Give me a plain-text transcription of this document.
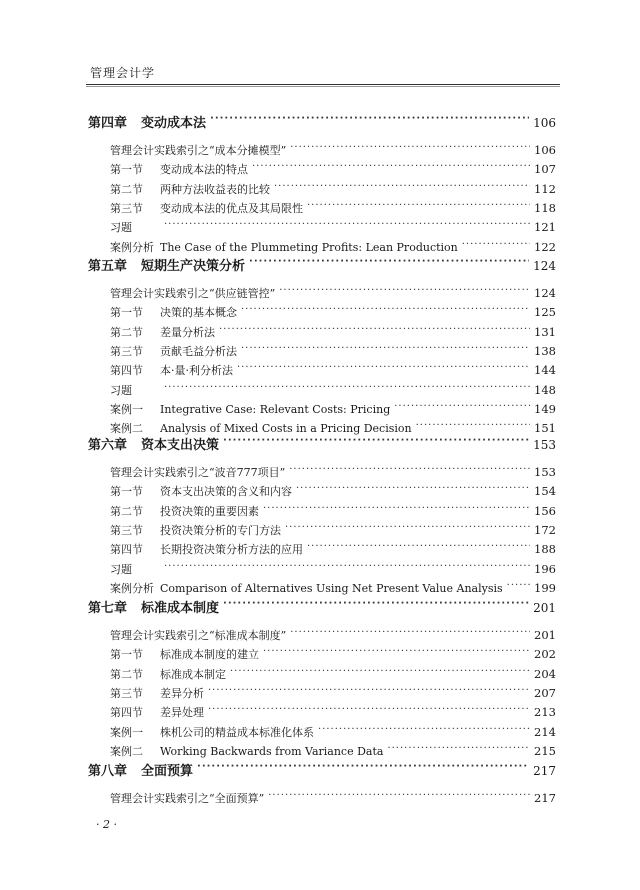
管理会计学
第四章 变动成本法 ·····	106
管理会计实践索引之“成本分摊模型” ·····	106
第一节	变动成本法的特点 ·····	107
第二节	两种方法收益表的比较 ·····	112
第三节	变动成本法的优点及其局限性 ·····	118
习题 ·····	121
案例分析 The Case of the Plummeting Profits: Lean Production ·····	122
第五章 短期生产决策分析 ·····	124
管理会计实践索引之“供应链管控” ·····	124
第一节	决策的基本概念 ·····	125
第二节	差量分析法 ·····	131
第三节	贡献毛益分析法 ·····	138
第四节	本·量·利分析法 ·····	144
习题 ·····	148
案例一	Integrative Case: Relevant Costs: Pricing ·····	149
案例二	Analysis of Mixed Costs in a Pricing Decision ·····	151
第六章 资本支出决策 ·····	153
管理会计实践索引之“波音777项目” ·····	153
第一节	资本支出决策的含义和内容 ·····	154
第二节	投资决策的重要因素 ·····	156
第三节	投资决策分析的专门方法 ·····	172
第四节	长期投资决策分析方法的应用 ·····	188
习题 ·····	196
案例分析 Comparison of Alternatives Using Net Present Value Analysis ·····	199
第七章 标准成本制度 ·····	201
管理会计实践索引之“标准成本制度” ·····	201
第一节	标准成本制度的建立 ·····	202
第二节	标准成本制定 ·····	204
第三节	差异分析 ·····	207
第四节	差异处理 ·····	213
案例一	株机公司的精益成本标准化体系 ·····	214
案例二	Working Backwards from Variance Data ·····	215
第八章 全面预算 ·····	217
管理会计实践索引之“全面预算” ·····	217
· 2 ·
